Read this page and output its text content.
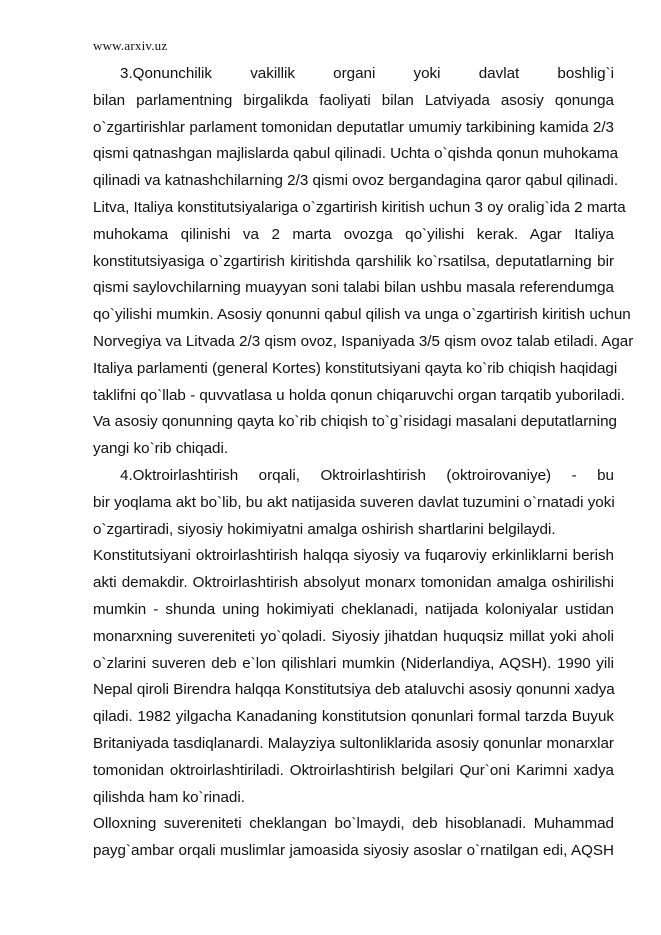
www.arxiv.uz
3.Qonunchilik vakillik organi yoki davlat boshlig`i
bilan parlamentning birgalikda faoliyati bilan Latviyada asosiy qonunga
o`zgartirishlar parlament tomonidan deputatlar umumiy tarkibining kamida 2/3
qismi qatnashgan majlislarda qabul qilinadi. Uchta o`qishda qonun muhokama
qilinadi va katnashchilarning 2/3 qismi ovoz bergandagina qaror qabul qilinadi.
Litva, Italiya konstitutsiyalariga o`zgartirish kiritish uchun 3 oy oralig`ida 2 marta
muhokama qilinishi va 2 marta ovozga qo`yilishi kerak. Agar Italiya
konstitutsiyasiga o`zgartirish kiritishda qarshilik ko`rsatilsa, deputatlarning bir
qismi saylovchilarning muayyan soni talabi bilan ushbu masala referendumga
qo`yilishi mumkin. Asosiy qonunni qabul qilish va unga o`zgartirish kiritish uchun
Norvegiya va Litvada 2/3 qism ovoz, Ispaniyada 3/5 qism ovoz talab etiladi. Agar
Italiya parlamenti (general Kortes) konstitutsiyani qayta ko`rib chiqish haqidagi
taklifni qo`llab - quvvatlasa u holda qonun chiqaruvchi organ tarqatib yuboriladi.
Va asosiy qonunning qayta ko`rib chiqish to`g`risidagi masalani deputatlarning
yangi ko`rib chiqadi.
4.Oktroirlashtirish orqali, Oktroirlashtirish (oktroirovaniye) - bu
bir yoqlama akt bo`lib, bu akt natijasida suveren davlat tuzumini o`rnatadi yoki
o`zgartiradi, siyosiy hokimiyatni amalga oshirish shartlarini belgilaydi.
Konstitutsiyani oktroirlashtirish halqqa siyosiy va fuqaroviy erkinliklarni berish
akti demakdir. Oktroirlashtirish absolyut monarx tomonidan amalga oshirilishi
mumkin - shunda uning hokimiyati cheklanadi, natijada koloniyalar ustidan
monarxning suvereniteti yo`qoladi. Siyosiy jihatdan huquqsiz millat yoki aholi
o`zlarini suveren deb e`lon qilishlari mumkin (Niderlandiya, AQSH). 1990 yili
Nepal qiroli Birendra halqqa Konstitutsiya deb ataluvchi asosiy qonunni xadya
qiladi. 1982 yilgacha Kanadaning konstitutsion qonunlari formal tarzda Buyuk
Britaniyada tasdiqlanardi. Malayziya sultonliklarida asosiy qonunlar monarxlar
tomonidan oktroirlashtiriladi. Oktroirlashtirish belgilari Qur`oni Karimni xadya
qilishda ham ko`rinadi.
Olloxning suvereniteti cheklangan bo`lmaydi, deb hisoblanadi. Muhammad
payg`ambar orqali muslimlar jamoasida siyosiy asoslar o`rnatilgan edi, AQSH
